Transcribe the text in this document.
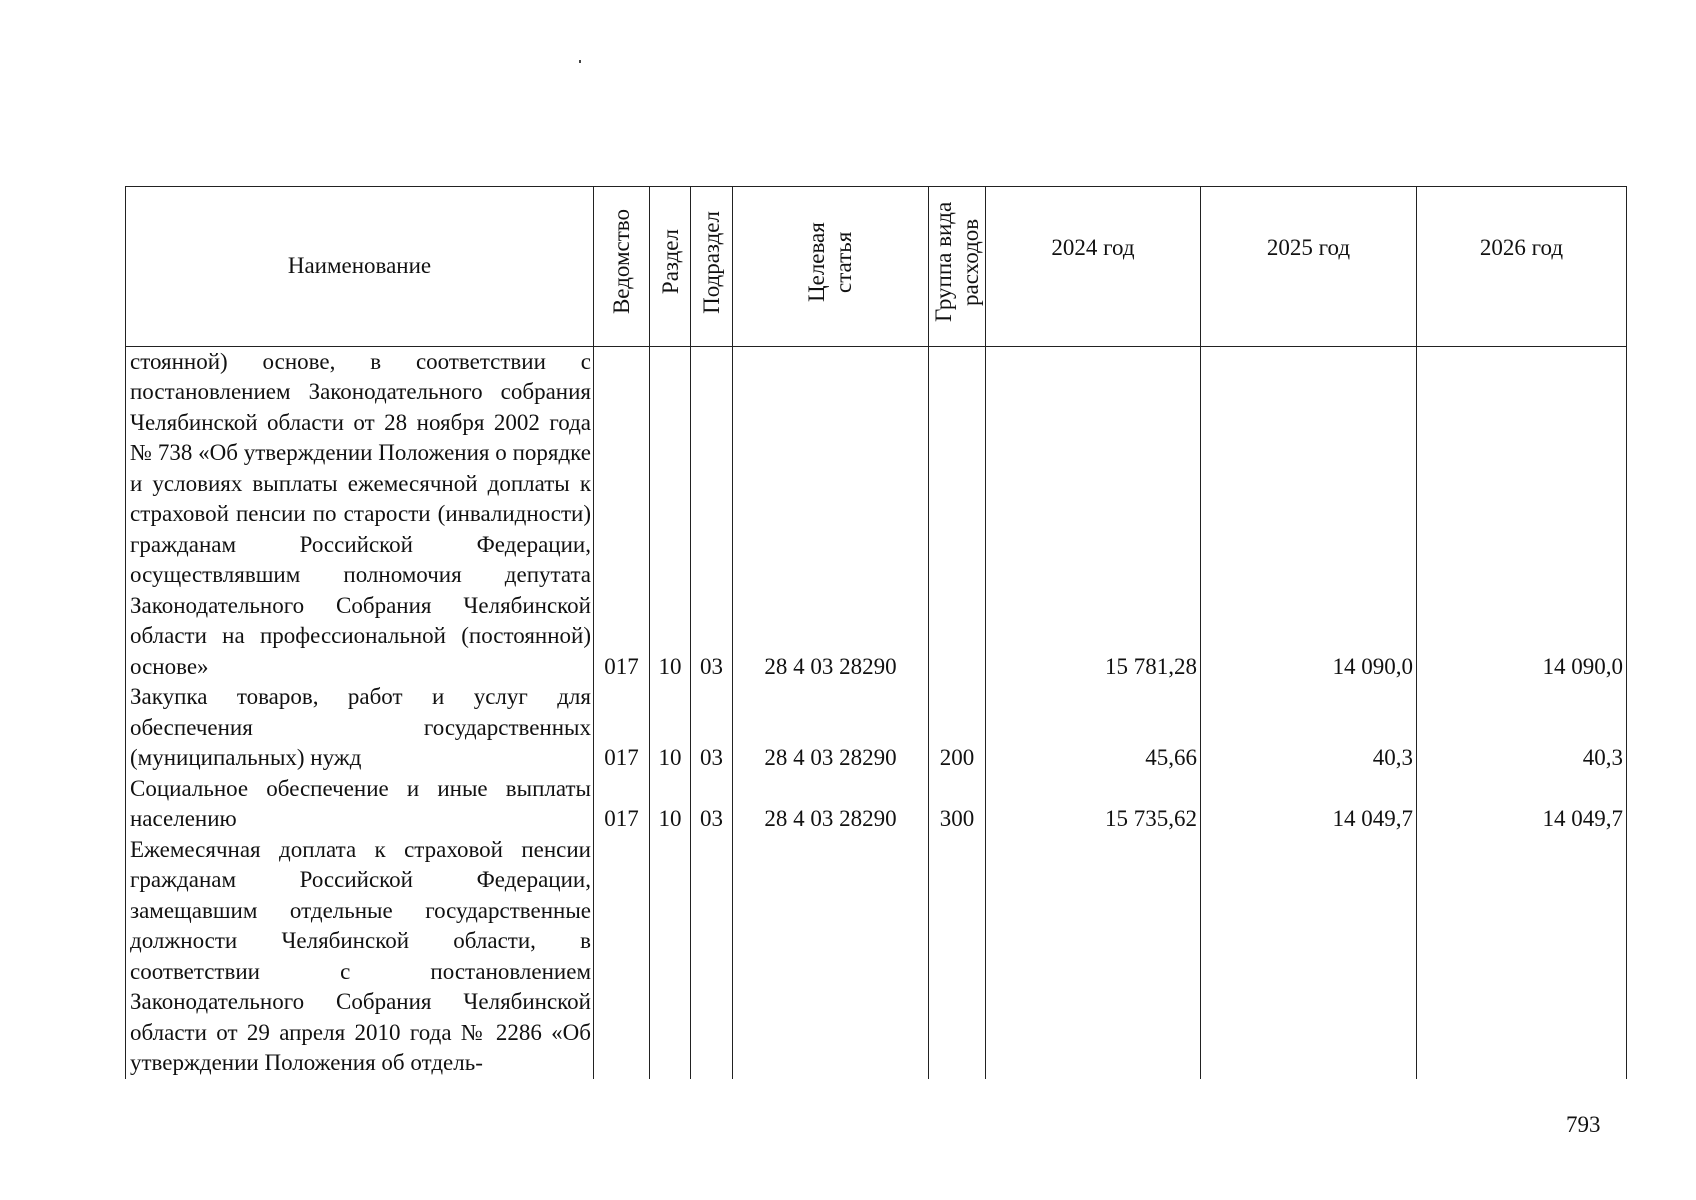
Наименование	Ведомство	Раздел	Подраздел	Целевая статья	Группа вида расходов	2024 год	2025 год	2026 год

стоянной) основе, в соответствии с постановлением Законодательного собрания Челябинской области от 28 ноября 2002 года № 738 «Об утверждении Положения о порядке и условиях выплаты ежемесячной доплаты к страховой пенсии по старости (инвалидности) гражданам Российской Федерации, осуществлявшим полномочия депутата Законодательного Собрания Челябинской области на профессиональной (постоянной) основе»	017	10	03	28 4 03 28290		15 781,28	14 090,0	14 090,0
Закупка товаров, работ и услуг для обеспечения государственных (муниципальных) нужд	017	10	03	28 4 03 28290	200	45,66	40,3	40,3
Социальное обеспечение и иные выплаты населению	017	10	03	28 4 03 28290	300	15 735,62	14 049,7	14 049,7
Ежемесячная доплата к страховой пенсии гражданам Российской Федерации, замещавшим отдельные государственные должности Челябинской области, в соответствии с постановлением Законодательного Собрания Челябинской области от 29 апреля 2010 года № 2286 «Об утверждении Положения об отдель-								
793
